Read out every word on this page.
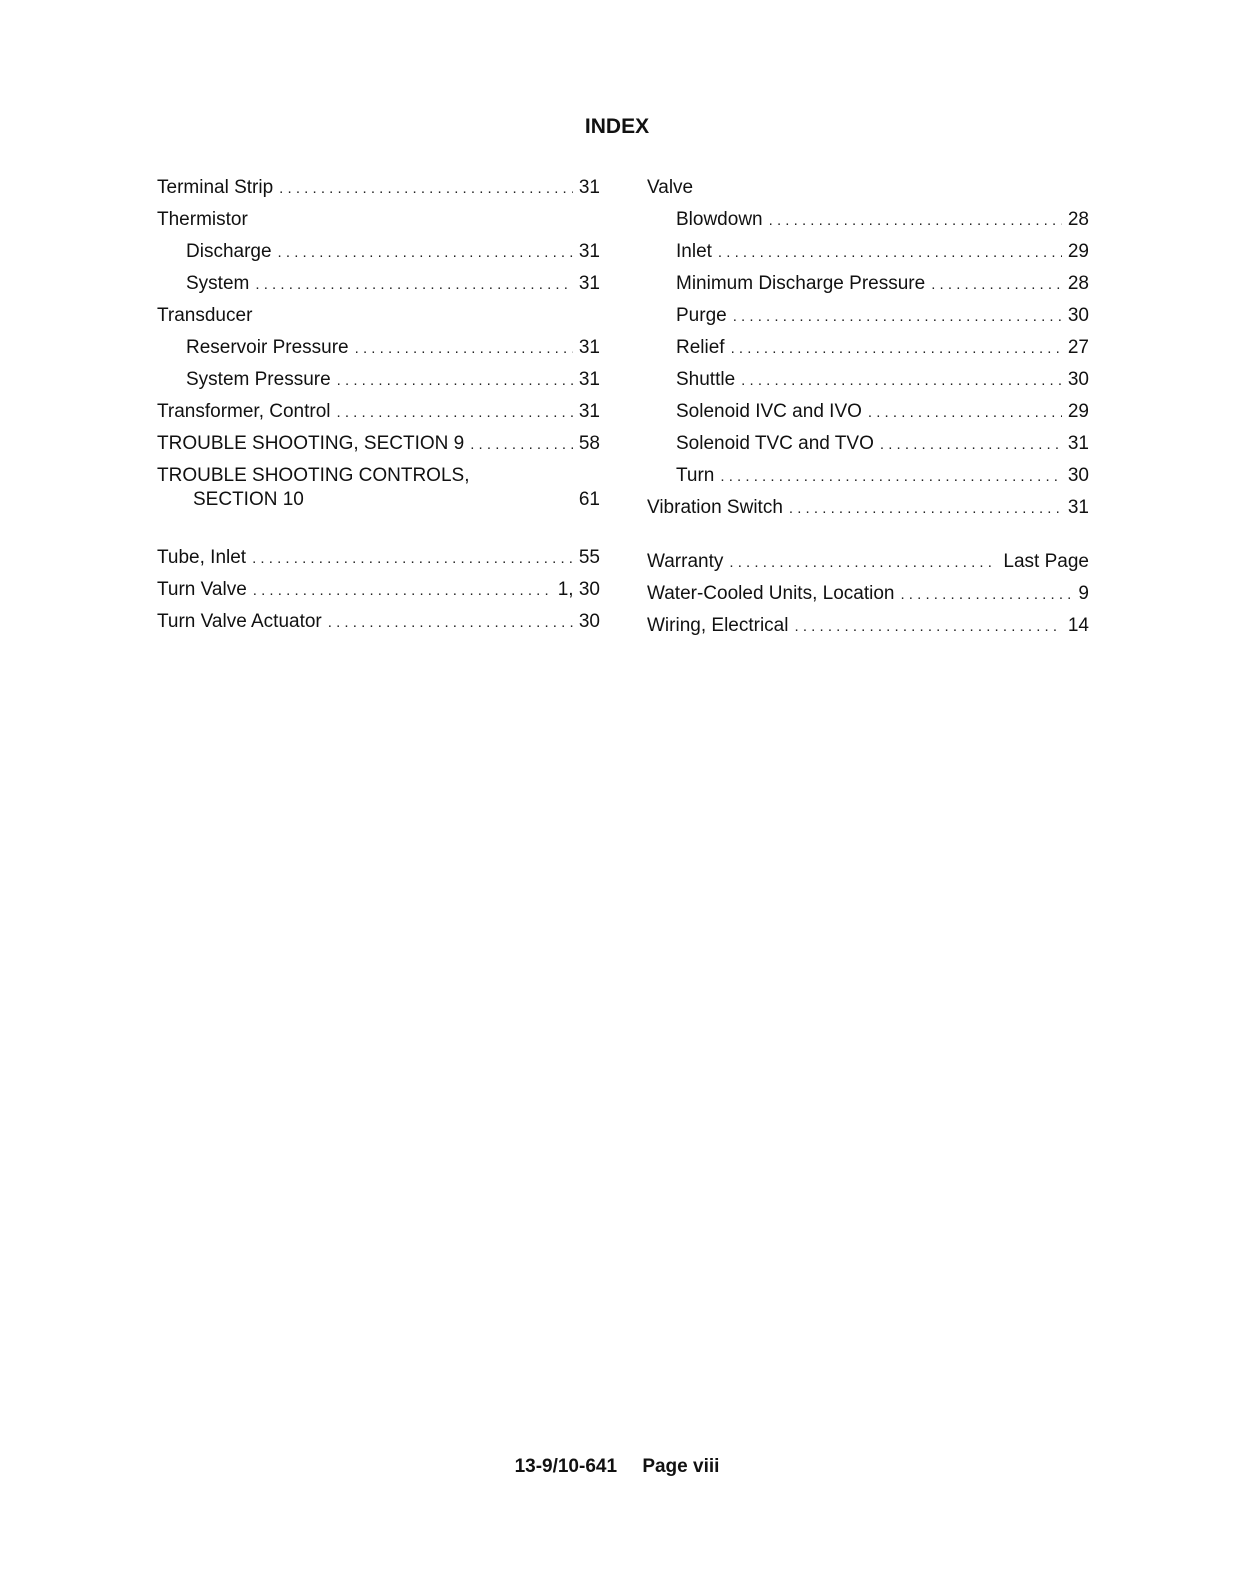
INDEX
Terminal Strip . . .	31
Thermistor
Discharge . . .	31
System . . .	31
Transducer
Reservoir Pressure . . .	31
System Pressure . . .	31
Transformer, Control . . .	31
TROUBLE SHOOTING, SECTION 9 . . .	58
TROUBLE SHOOTING CONTROLS,
SECTION 10	61
Tube, Inlet . . .	55
Turn Valve . . .	1, 30
Turn Valve Actuator . . .	30
Valve
Blowdown . . .	28
Inlet . . .	29
Minimum Discharge Pressure . . .	28
Purge . . .	30
Relief . . .	27
Shuttle . . .	30
Solenoid IVC and IVO . . .	29
Solenoid TVC and TVO . . .	31
Turn . . .	30
Vibration Switch . . .	31
Warranty . . .	Last Page
Water-Cooled Units, Location . . .	9
Wiring, Electrical . . .	14
13-9/10-641 Page viii
